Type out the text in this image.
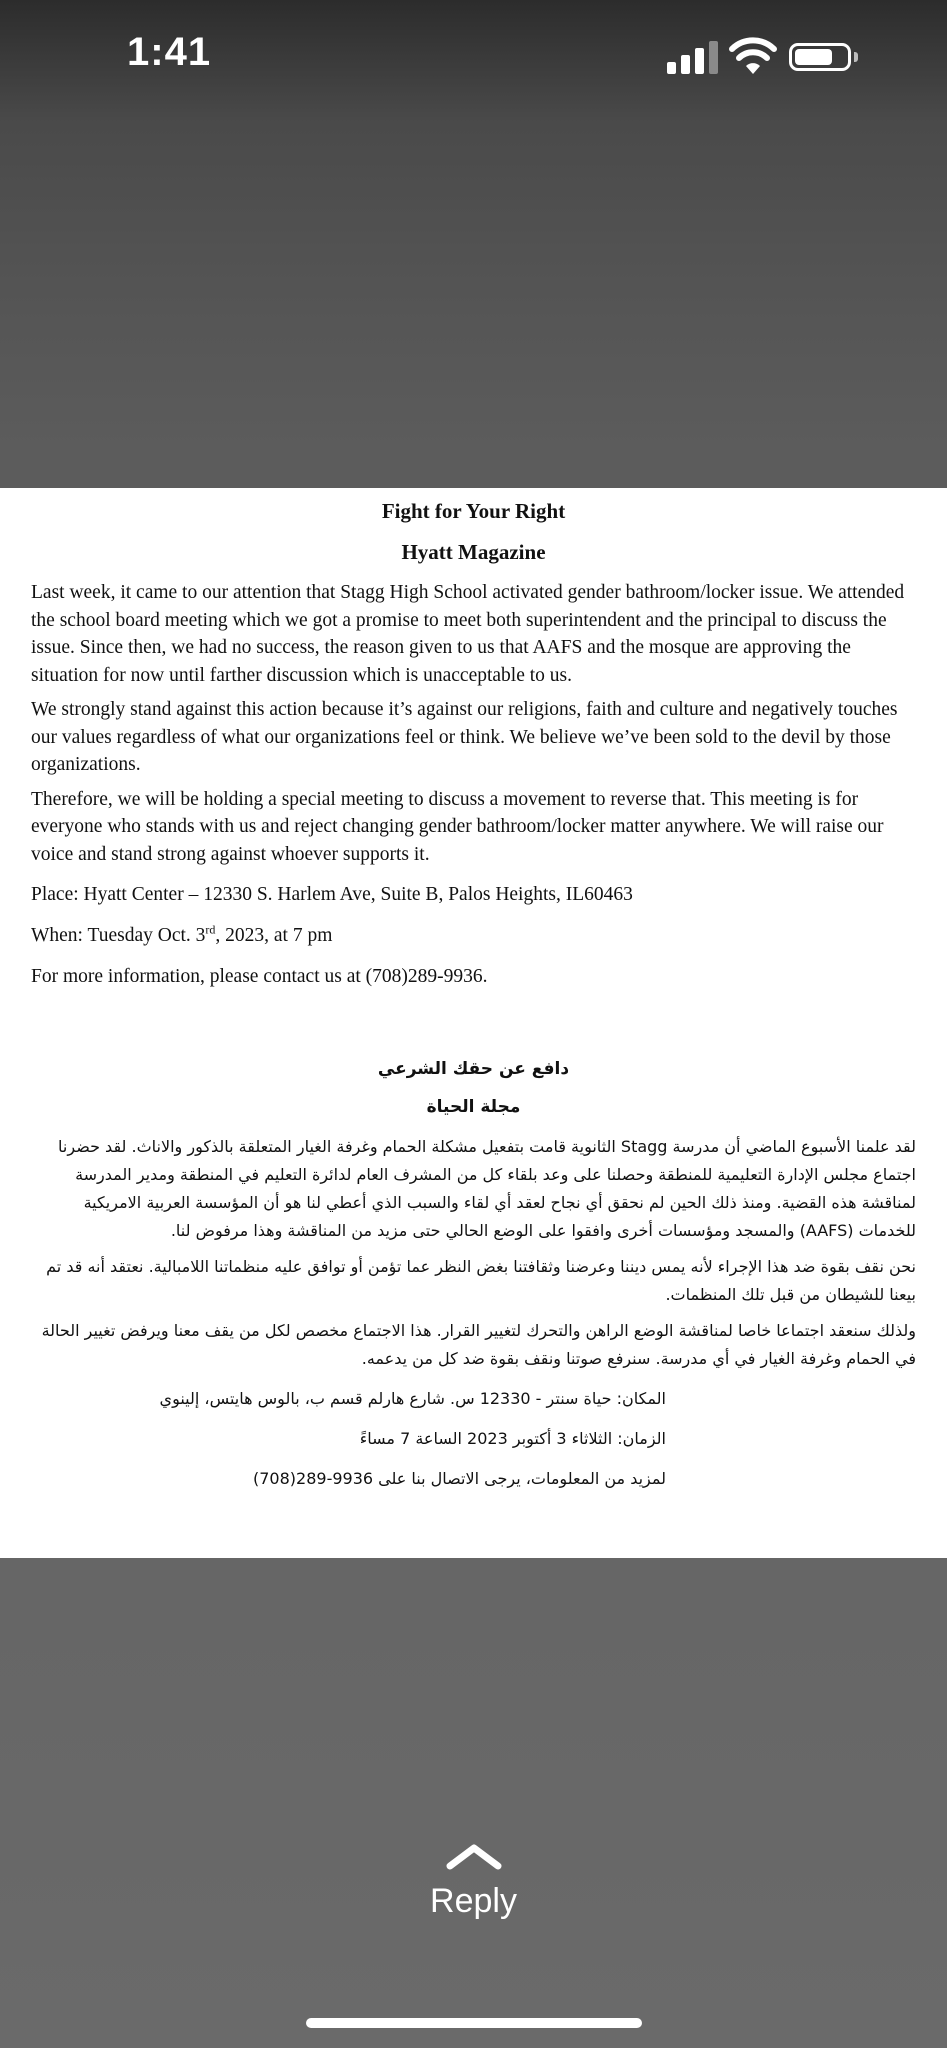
1:41
Fight for Your Right
Hyatt Magazine

Last week, it came to our attention that Stagg High School activated gender bathroom/locker issue. We attended the school board meeting which we got a promise to meet both superintendent and the principal to discuss the issue. Since then, we had no success, the reason given to us that AAFS and the mosque are approving the situation for now until farther discussion which is unacceptable to us.

We strongly stand against this action because it’s against our religions, faith and culture and negatively touches our values regardless of what our organizations feel or think. We believe we’ve been sold to the devil by those organizations.

Therefore, we will be holding a special meeting to discuss a movement to reverse that. This meeting is for everyone who stands with us and reject changing gender bathroom/locker matter anywhere. We will raise our voice and stand strong against whoever supports it.

Place: Hyatt Center – 12330 S. Harlem Ave, Suite B, Palos Heights, IL60463

When: Tuesday Oct. 3rd, 2023, at 7 pm

For more information, please contact us at (708)289-9936.

دافع عن حقك الشرعي
مجلة الحياة

لقد علمنا الأسبوع الماضي أن مدرسة Stagg الثانوية قامت بتفعيل مشكلة الحمام وغرفة الغيار المتعلقة بالذكور والاناث. لقد حضرنا اجتماع مجلس الإدارة التعليمية للمنطقة وحصلنا على وعد بلقاء كل من المشرف العام لدائرة التعليم في المنطقة ومدير المدرسة لمناقشة هذه القضية. ومنذ ذلك الحين لم نحقق أي نجاح لعقد أي لقاء والسبب الذي أعطي لنا هو أن المؤسسة العربية الامريكية للخدمات (AAFS) والمسجد ومؤسسات أخرى وافقوا على الوضع الحالي حتى مزيد من المناقشة وهذا مرفوض لنا.

نحن نقف بقوة ضد هذا الإجراء لأنه يمس ديننا وعرضنا وثقافتنا بغض النظر عما تؤمن أو توافق عليه منظماتنا اللامبالية. نعتقد أنه قد تم بيعنا للشيطان من قبل تلك المنظمات.

ولذلك سنعقد اجتماعا خاصا لمناقشة الوضع الراهن والتحرك لتغيير القرار. هذا الاجتماع مخصص لكل من يقف معنا ويرفض تغيير الحالة في الحمام وغرفة الغيار في أي مدرسة. سنرفع صوتنا ونقف بقوة ضد كل من يدعمه.

المكان: حياة سنتر - 12330 س. شارع هارلم قسم ب، بالوس هايتس، إلينوي

الزمان: الثلاثاء 3 أكتوبر 2023 الساعة 7 مساءً

لمزيد من المعلومات، يرجى الاتصال بنا على 9936-289(708)

Reply
